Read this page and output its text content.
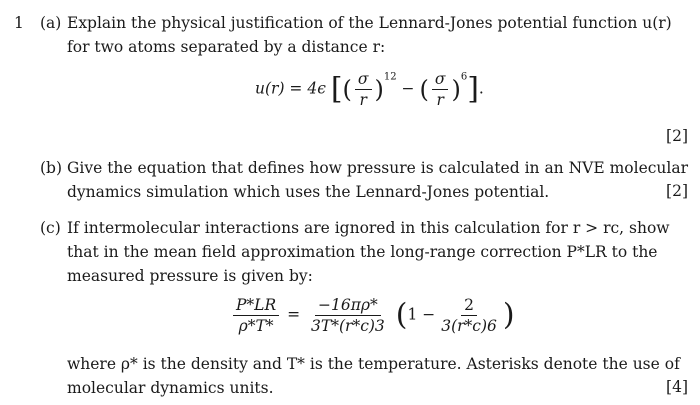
1 (a) Explain the physical justification of the Lennard-Jones potential function u(r)
for two atoms separated by a distance r:
u(r) = 4ϵ [( $\frac{\sigma}{r} )^{12}$ − ( $\frac{\sigma}{r} )^6$].
[2]
(b) Give the equation that defines how pressure is calculated in an NVE molecular
dynamics simulation which uses the Lennard-Jones potential.	[2]
(c) If intermolecular interactions are ignored in this calculation for r > rc, show
that in the mean field approximation the long-range correction P*LR to the
measured pressure is given by:
$\frac{P*LR}{\rho*T*} = \frac{-16\pi\rho*}{3T*(r*c)3} (1 - \frac{2}{3(r*c)6}$ )
where ρ* is the density and T* is the temperature. Asterisks denote the use of
molecular dynamics units.	[4]
